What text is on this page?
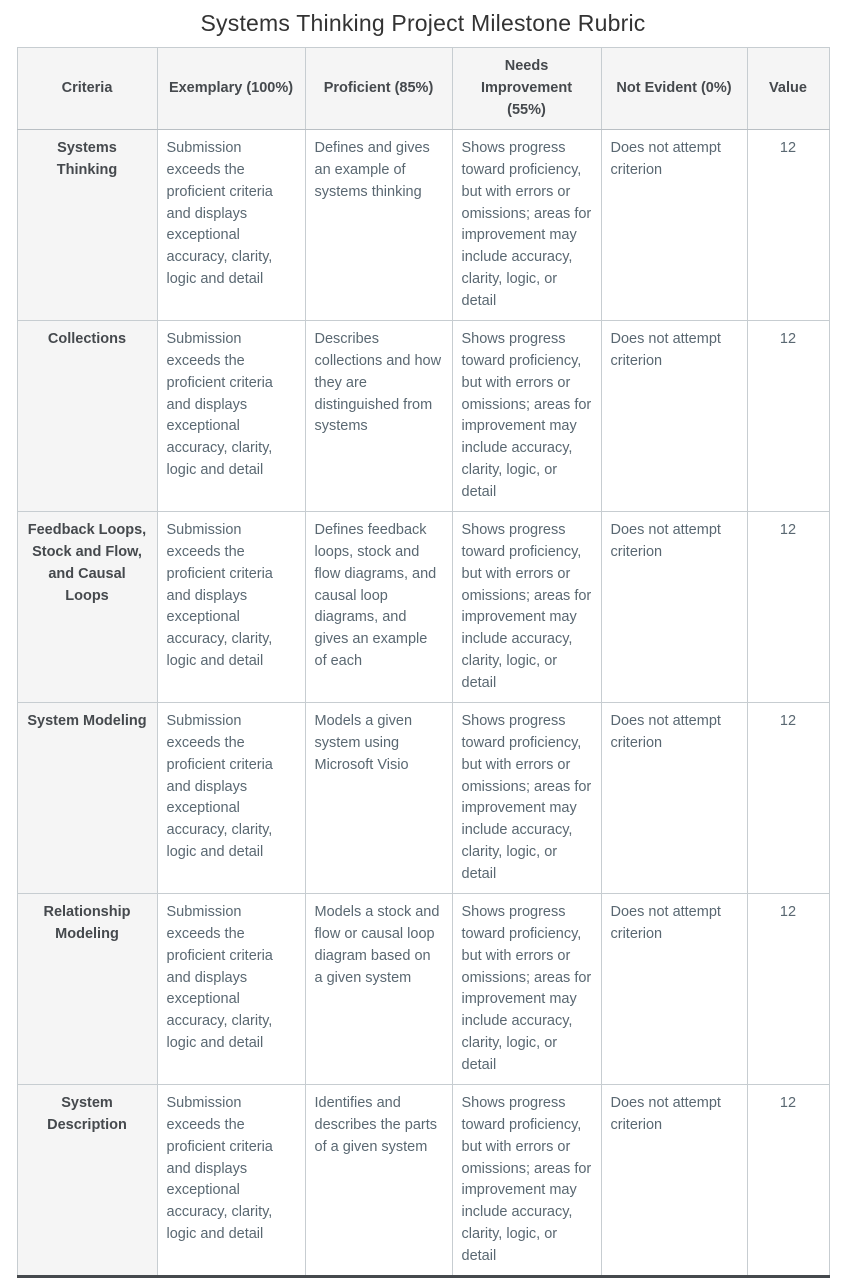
Systems Thinking Project Milestone Rubric
Criteria	Exemplary (100%)	Proficient (85%)	Needs Improvement (55%)	Not Evident (0%)	Value
Systems Thinking	Submission exceeds the proficient criteria and displays exceptional accuracy, clarity, logic and detail	Defines and gives an example of systems thinking	Shows progress toward proficiency, but with errors or omissions; areas for improvement may include accuracy, clarity, logic, or detail	Does not attempt criterion	12
Collections	Submission exceeds the proficient criteria and displays exceptional accuracy, clarity, logic and detail	Describes collections and how they are distinguished from systems	Shows progress toward proficiency, but with errors or omissions; areas for improvement may include accuracy, clarity, logic, or detail	Does not attempt criterion	12
Feedback Loops, Stock and Flow, and Causal Loops	Submission exceeds the proficient criteria and displays exceptional accuracy, clarity, logic and detail	Defines feedback loops, stock and flow diagrams, and causal loop diagrams, and gives an example of each	Shows progress toward proficiency, but with errors or omissions; areas for improvement may include accuracy, clarity, logic, or detail	Does not attempt criterion	12
System Modeling	Submission exceeds the proficient criteria and displays exceptional accuracy, clarity, logic and detail	Models a given system using Microsoft Visio	Shows progress toward proficiency, but with errors or omissions; areas for improvement may include accuracy, clarity, logic, or detail	Does not attempt criterion	12
Relationship Modeling	Submission exceeds the proficient criteria and displays exceptional accuracy, clarity, logic and detail	Models a stock and flow or causal loop diagram based on a given system	Shows progress toward proficiency, but with errors or omissions; areas for improvement may include accuracy, clarity, logic, or detail	Does not attempt criterion	12
System Description	Submission exceeds the proficient criteria and displays exceptional accuracy, clarity, logic and detail	Identifies and describes the parts of a given system	Shows progress toward proficiency, but with errors or omissions; areas for improvement may include accuracy, clarity, logic, or detail	Does not attempt criterion	12
